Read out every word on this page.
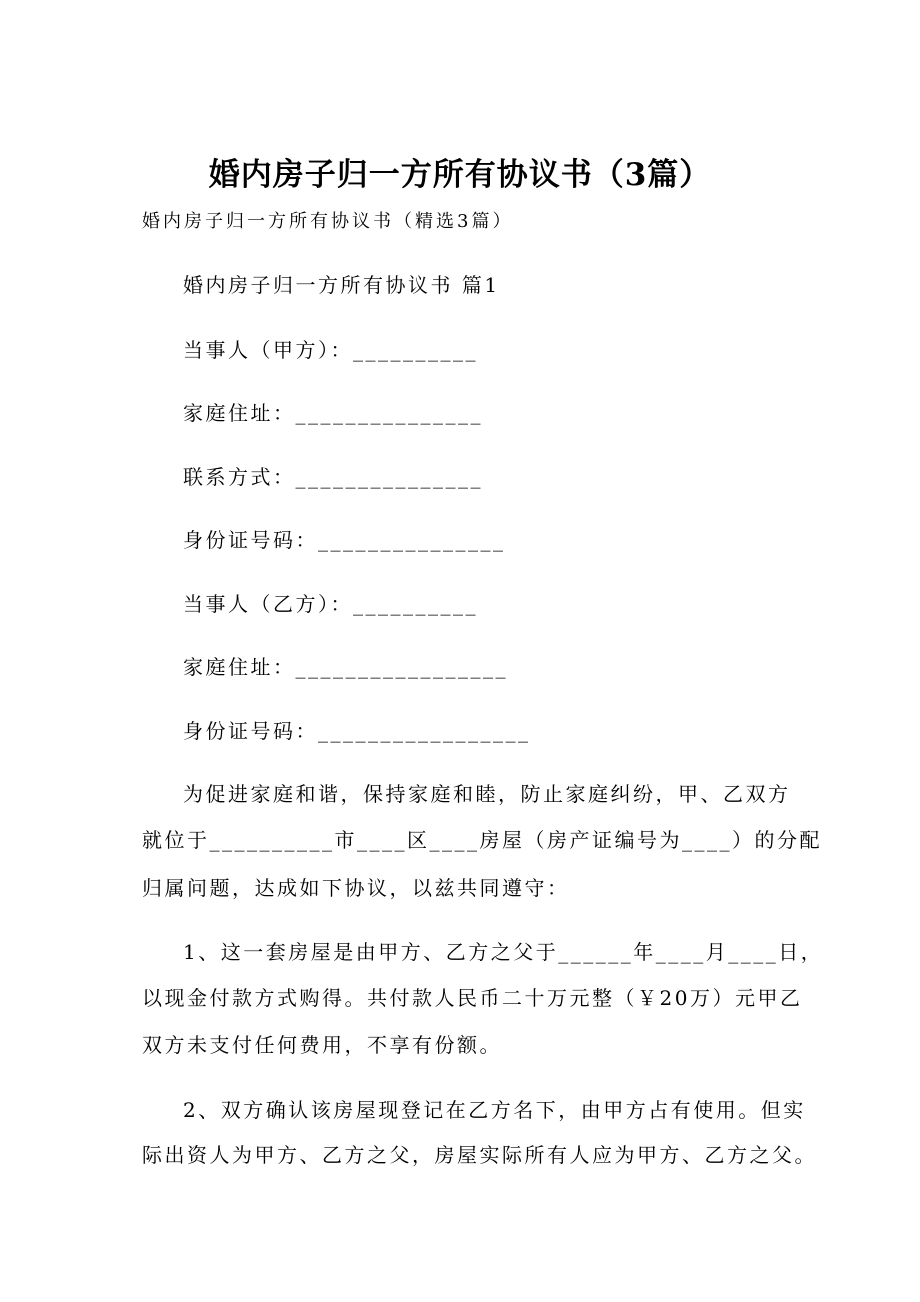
婚内房子归一方所有协议书（3篇）
婚内房子归一方所有协议书（精选3篇）
婚内房子归一方所有协议书 篇1
当事人（甲方）：__________
家庭住址：_______________
联系方式：_______________
身份证号码：_______________
当事人（乙方）：__________
家庭住址：_________________
身份证号码：_________________
为促进家庭和谐，保持家庭和睦，防止家庭纠纷，甲、乙双方
就位于__________市____区____房屋（房产证编号为____）的分配
归属问题，达成如下协议，以兹共同遵守：
1、这一套房屋是由甲方、乙方之父于______年____月____日，
以现金付款方式购得。共付款人民币二十万元整（￥20万）元甲乙
双方未支付任何费用，不享有份额。
2、双方确认该房屋现登记在乙方名下，由甲方占有使用。但实
际出资人为甲方、乙方之父，房屋实际所有人应为甲方、乙方之父。
